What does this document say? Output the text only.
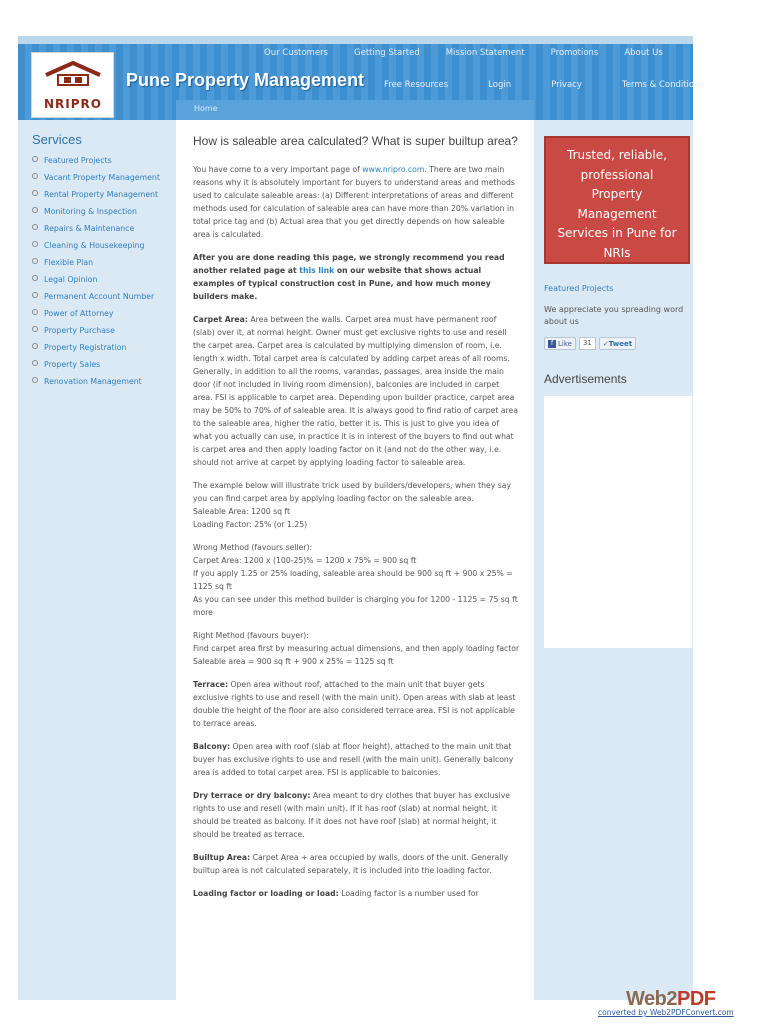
NRIPRO
Pune Property Management
Our Customers	Getting Started	Mission Statement	Promotions	About Us
Free Resources	Login	Privacy	Terms & Conditions
Home
Services
Featured Projects
Vacant Property Management
Rental Property Management
Monitoring & Inspection
Repairs & Maintenance
Cleaning & Housekeeping
Flexible Plan
Legal Opinion
Permanent Account Number
Power of Attorney
Property Purchase
Property Registration
Property Sales
Renovation Management
How is saleable area calculated? What is super builtup area?

You have come to a very important page of www.nripro.com. There are two main reasons why it is absolutely important for buyers to understand areas and methods used to calculate saleable areas: (a) Different interpretations of areas and different methods used for calculation of saleable area can have more than 20% variation in total price tag and (b) Actual area that you get directly depends on how saleable area is calculated.

After you are done reading this page, we strongly recommend you read another related page at this link on our website that shows actual examples of typical construction cost in Pune, and how much money builders make.

Carpet Area: Area between the walls. Carpet area must have permanent roof (slab) over it, at normal height. Owner must get exclusive rights to use and resell the carpet area. Carpet area is calculated by multiplying dimension of room, i.e. length x width. Total carpet area is calculated by adding carpet areas of all rooms. Generally, in addition to all the rooms, varandas, passages, area inside the main door (if not included in living room dimension), balconies are included in carpet area. FSI is applicable to carpet area. Depending upon builder practice, carpet area may be 50% to 70% of of saleable area. It is always good to find ratio of carpet area to the saleable area, higher the ratio, better it is. This is just to give you idea of what you actually can use, in practice it is in interest of the buyers to find out what is carpet area and then apply loading factor on it (and not do the other way, i.e. should not arrive at carpet by applying loading factor to saleable area.

The example below will illustrate trick used by builders/developers, when they say you can find carpet area by applying loading factor on the saleable area.
Saleable Area: 1200 sq ft
Loading Factor: 25% (or 1.25)

Wrong Method (favours seller):
Carpet Area: 1200 x (100-25)% = 1200 x 75% = 900 sq ft
If you apply 1.25 or 25% loading, saleable area should be 900 sq ft + 900 x 25% = 1125 sq ft
As you can see under this method builder is charging you for 1200 - 1125 = 75 sq ft more

Right Method (favours buyer):
Find carpet area first by measuring actual dimensions, and then apply loading factor
Saleable area = 900 sq ft + 900 x 25% = 1125 sq ft

Terrace: Open area without roof, attached to the main unit that buyer gets exclusive rights to use and resell (with the main unit). Open areas with slab at least double the height of the floor are also considered terrace area. FSI is not applicable to terrace areas.

Balcony: Open area with roof (slab at floor height), attached to the main unit that buyer has exclusive rights to use and resell (with the main unit). Generally balcony area is added to total carpet area. FSI is applicable to balconies.

Dry terrace or dry balcony: Area meant to dry clothes that buyer has exclusive rights to use and resell (with main unit). If it has roof (slab) at normal height, it should be treated as balcony. If it does not have roof (slab) at normal height, it should be treated as terrace.

Builtup Area: Carpet Area + area occupied by walls, doors of the unit. Generally builtup area is not calculated separately, it is included into the loading factor.

Loading factor or loading or load: Loading factor is a number used for

Trusted, reliable,
professional
Property Management
Services in Pune for
NRIs
Featured Projects
We appreciate you spreading word about us
f Like	31	✓ Tweet
Advertisements
Web2PDF
converted by Web2PDFConvert.com
